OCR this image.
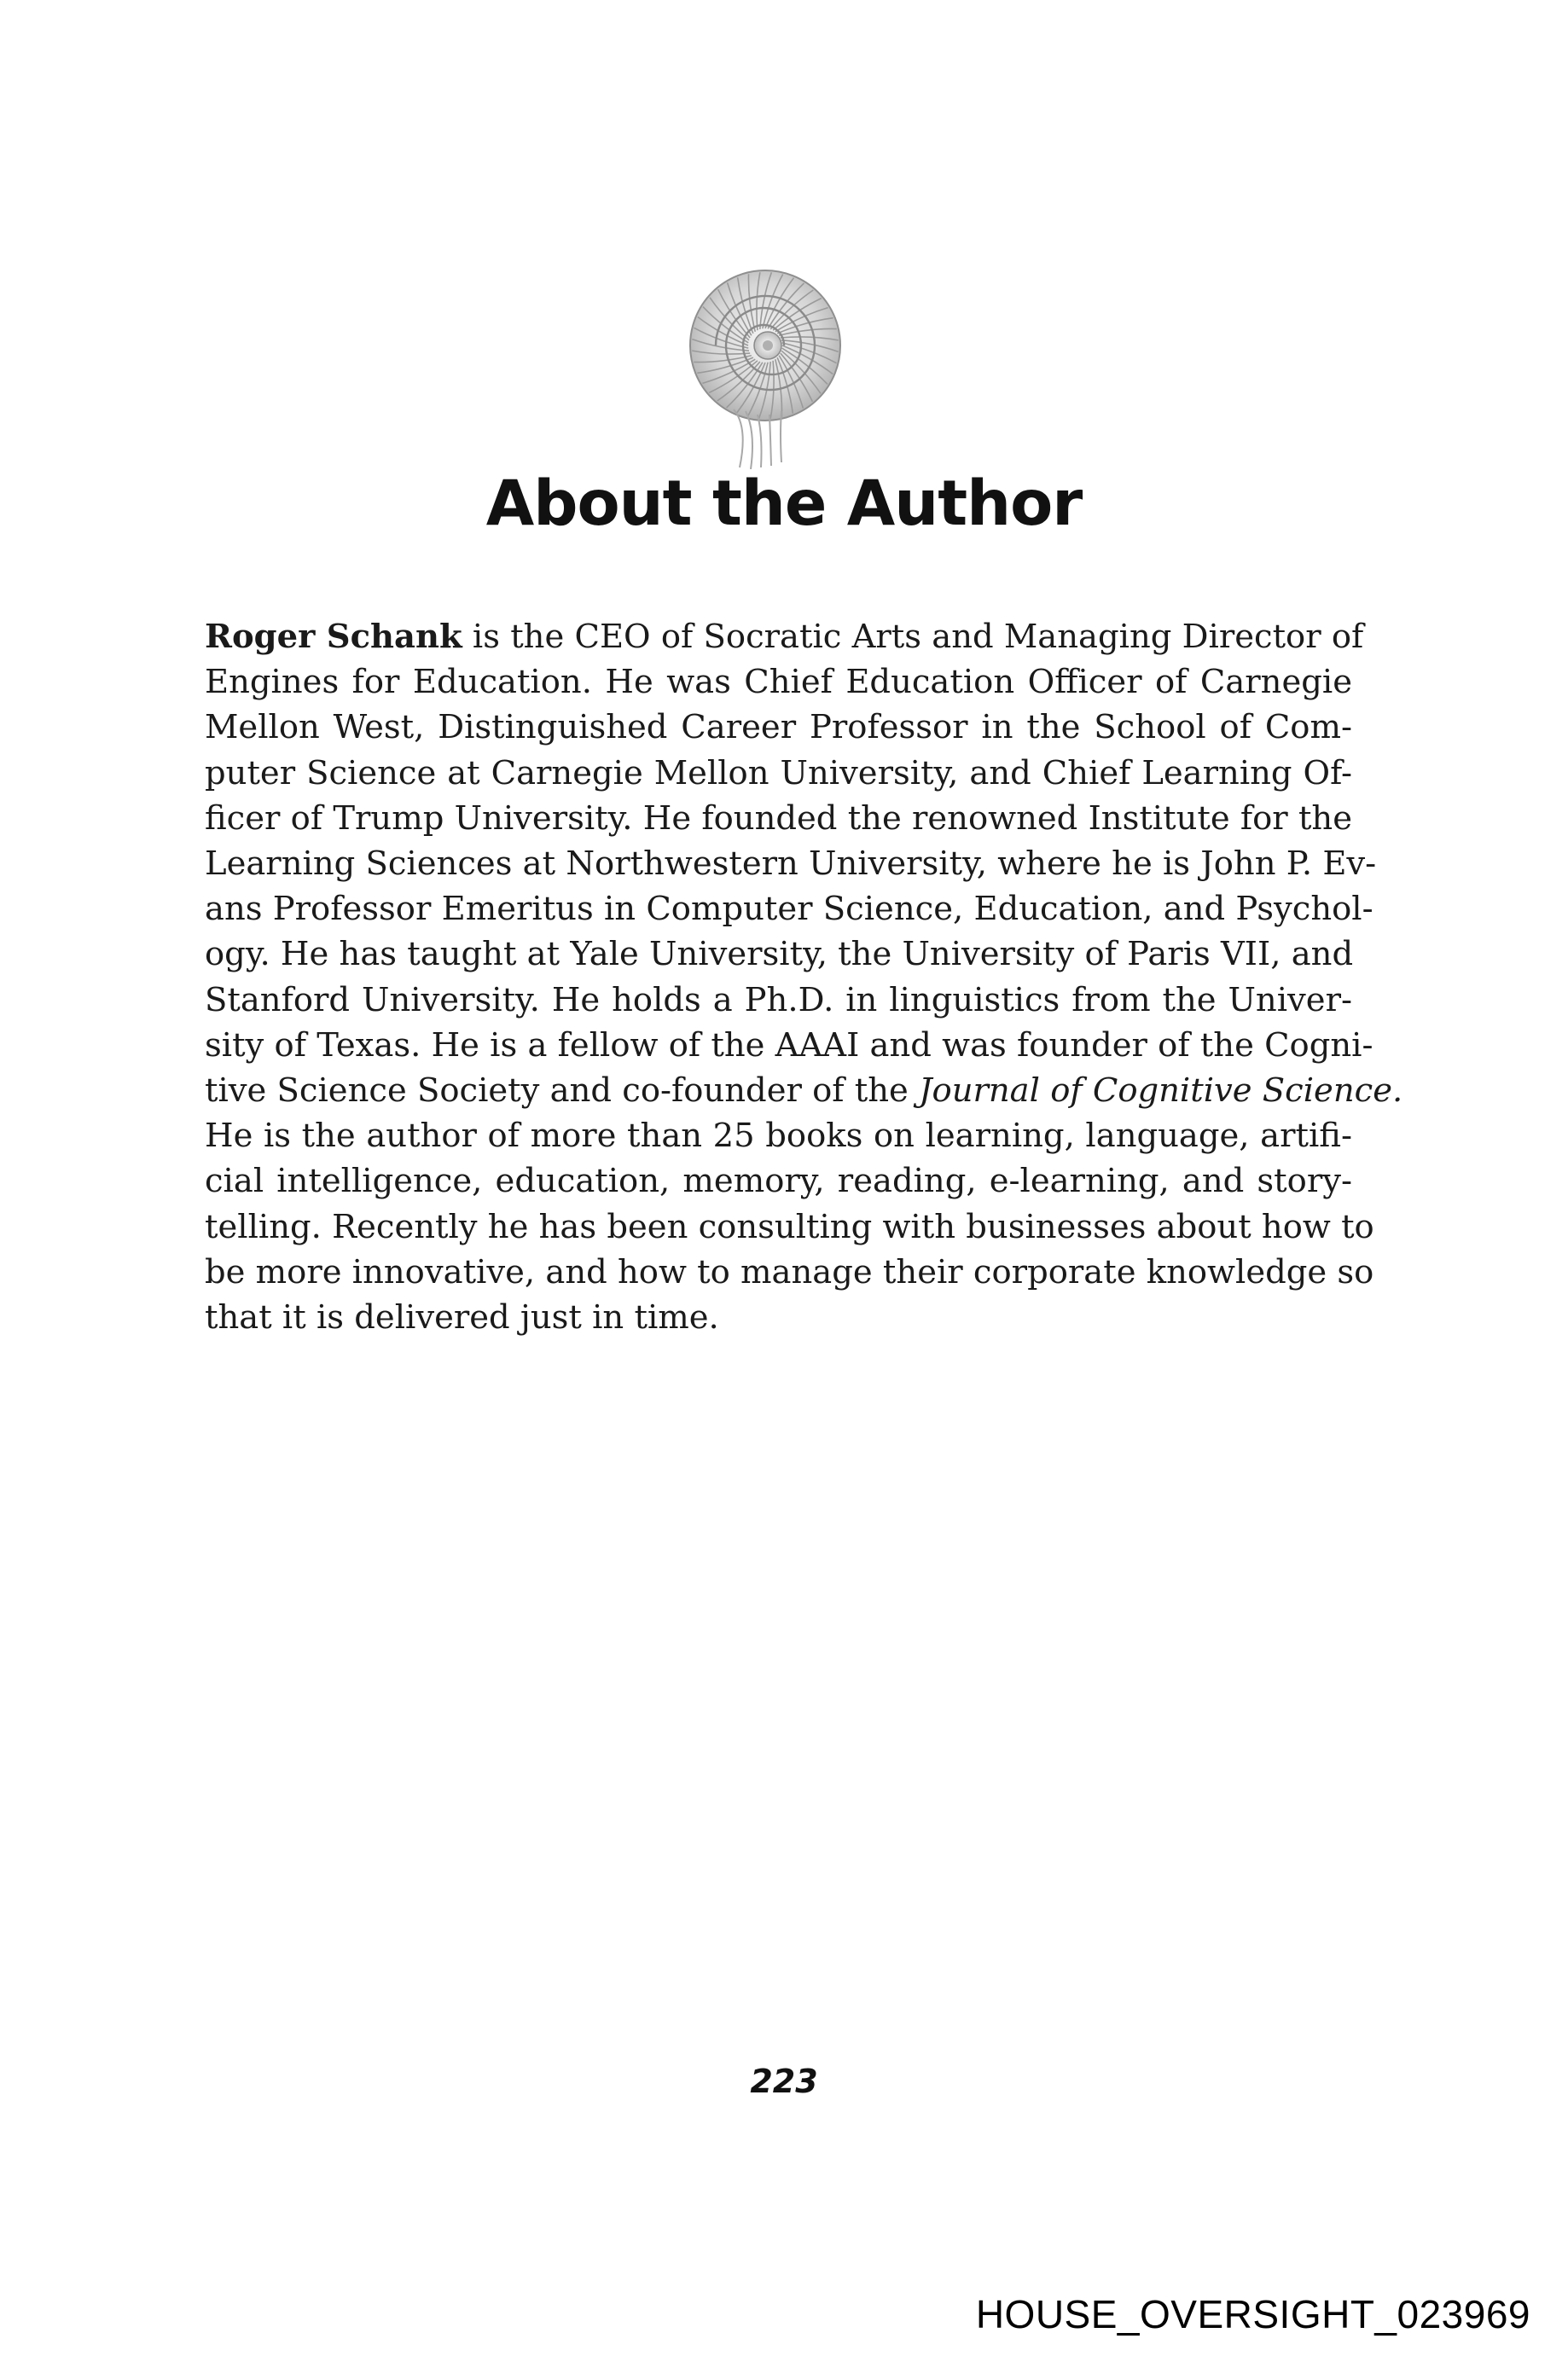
About the Author
Roger Schank is the CEO of Socratic Arts and Managing Director of
Engines for Education. He was Chief Education Officer of Carnegie
Mellon West, Distinguished Career Professor in the School of Com-
puter Science at Carnegie Mellon University, and Chief Learning Of-
ficer of Trump University. He founded the renowned Institute for the
Learning Sciences at Northwestern University, where he is John P. Ev-
ans Professor Emeritus in Computer Science, Education, and Psychol-
ogy. He has taught at Yale University, the University of Paris VII, and
Stanford University. He holds a Ph.D. in linguistics from the Univer-
sity of Texas. He is a fellow of the AAAI and was founder of the Cogni-
tive Science Society and co-founder of the Journal of Cognitive Science.
He is the author of more than 25 books on learning, language, artifi-
cial intelligence, education, memory, reading, e-learning, and story-
telling. Recently he has been consulting with businesses about how to
be more innovative, and how to manage their corporate knowledge so
that it is delivered just in time.
223
HOUSE_OVERSIGHT_023969
